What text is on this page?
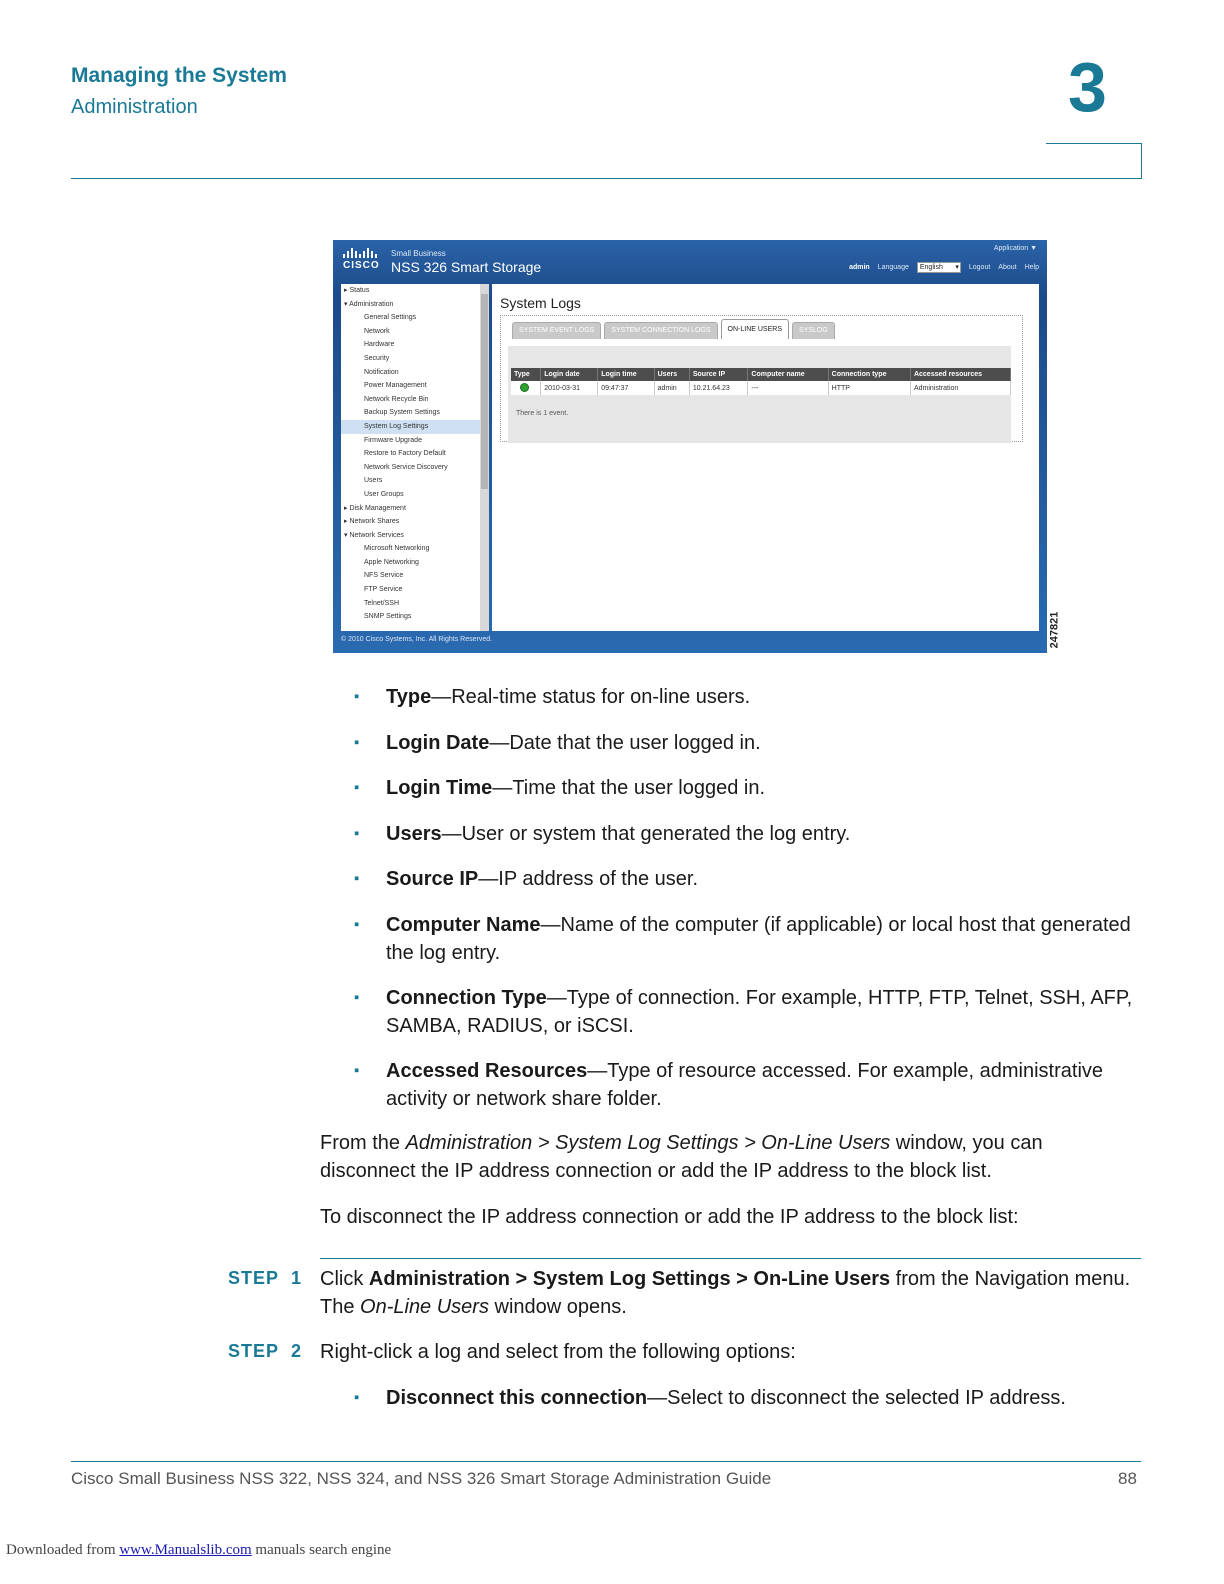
Managing the System
Administration	3
CISCO
Small Business
NSS 326 Smart Storage
Application ▼
admin Language	English ▾	Logout About Help
▸ Status
▾ Administration
General Settings
Network
Hardware
Security
Notification
Power Management
Network Recycle Bin
Backup System Settings
System Log Settings
Firmware Upgrade
Restore to Factory Default
Network Service Discovery
Users
User Groups
▸ Disk Management
▸ Network Shares
▾ Network Services
Microsoft Networking
Apple Networking
NFS Service
FTP Service
Telnet/SSH
SNMP Settings
System Logs
SYSTEM EVENT LOGS	SYSTEM CONNECTION LOGS	ON-LINE USERS	SYSLOG
Type	Login date	Login time	Users	Source IP	Computer name	Connection type	Accessed resources
	2010-03-31	09:47:37	admin	10.21.64.23	---	HTTP	Administration
There is 1 event.
© 2010 Cisco Systems, Inc. All Rights Reserved.	247821
▪ Type—Real-time status for on-line users.
▪ Login Date—Date that the user logged in.
▪ Login Time—Time that the user logged in.
▪ Users—User or system that generated the log entry.
▪ Source IP—IP address of the user.
▪ Computer Name—Name of the computer (if applicable) or local host that generated the log entry.
▪ Connection Type—Type of connection. For example, HTTP, FTP, Telnet, SSH, AFP, SAMBA, RADIUS, or iSCSI.
▪ Accessed Resources—Type of resource accessed. For example, administrative activity or network share folder.
From the Administration > System Log Settings > On-Line Users window, you can disconnect the IP address connection or add the IP address to the block list.
To disconnect the IP address connection or add the IP address to the block list:
STEP 1 Click Administration > System Log Settings > On-Line Users from the Navigation menu. The On-Line Users window opens.
STEP 2 Right-click a log and select from the following options:
▪ Disconnect this connection—Select to disconnect the selected IP address.
Cisco Small Business NSS 322, NSS 324, and NSS 326 Smart Storage Administration Guide	88
Downloaded from www.Manualslib.com manuals search engine
